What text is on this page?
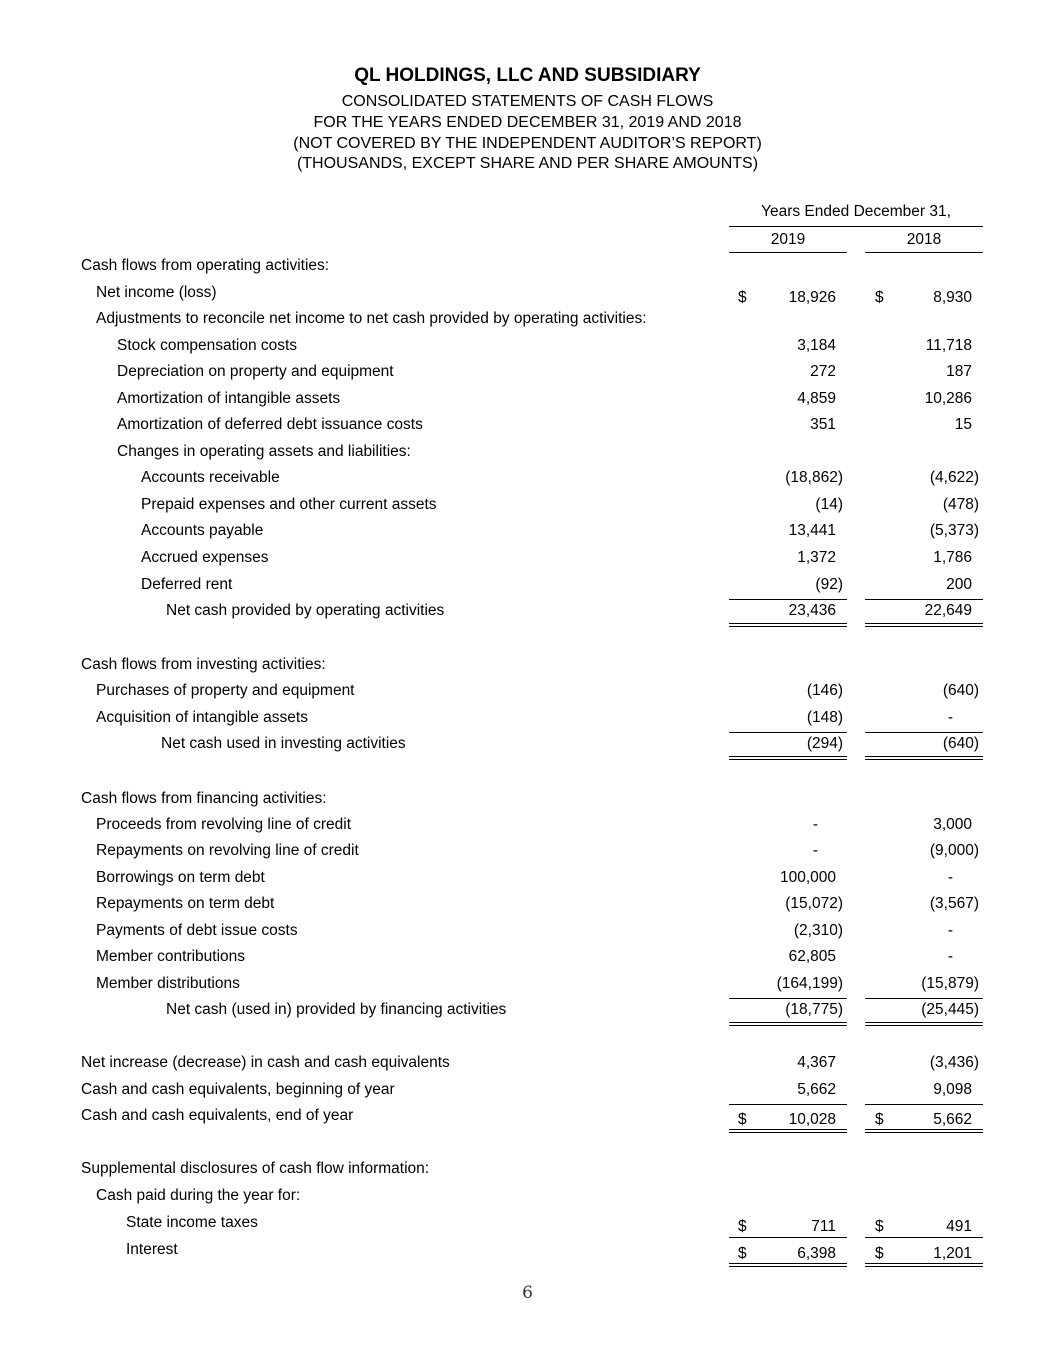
QL HOLDINGS, LLC AND SUBSIDIARY
CONSOLIDATED STATEMENTS OF CASH FLOWS
FOR THE YEARS ENDED DECEMBER 31, 2019 AND 2018
(NOT COVERED BY THE INDEPENDENT AUDITOR’S REPORT)
(THOUSANDS, EXCEPT SHARE AND PER SHARE AMOUNTS)
Years Ended December 31,
2019	2018
Cash flows from operating activities:
Net income (loss)	$	18,926	$	8,930
Adjustments to reconcile net income to net cash provided by operating activities:
Stock compensation costs	3,184	11,718
Depreciation on property and equipment	272	187
Amortization of intangible assets	4,859	10,286
Amortization of deferred debt issuance costs	351	15
Changes in operating assets and liabilities:
Accounts receivable	(18,862)	(4,622)
Prepaid expenses and other current assets	(14)	(478)
Accounts payable	13,441	(5,373)
Accrued expenses	1,372	1,786
Deferred rent	(92)	200
Net cash provided by operating activities	23,436	22,649
Cash flows from investing activities:
Purchases of property and equipment	(146)	(640)
Acquisition of intangible assets	(148)	-
Net cash used in investing activities	(294)	(640)
Cash flows from financing activities:
Proceeds from revolving line of credit	-	3,000
Repayments on revolving line of credit	-	(9,000)
Borrowings on term debt	100,000	-
Repayments on term debt	(15,072)	(3,567)
Payments of debt issue costs	(2,310)	-
Member contributions	62,805	-
Member distributions	(164,199)	(15,879)
Net cash (used in) provided by financing activities	(18,775)	(25,445)
Net increase (decrease) in cash and cash equivalents	4,367	(3,436)
Cash and cash equivalents, beginning of year	5,662	9,098
Cash and cash equivalents, end of year	$	10,028	$	5,662
Supplemental disclosures of cash flow information:
Cash paid during the year for:
State income taxes	$	711	$	491
Interest	$	6,398	$	1,201
6
